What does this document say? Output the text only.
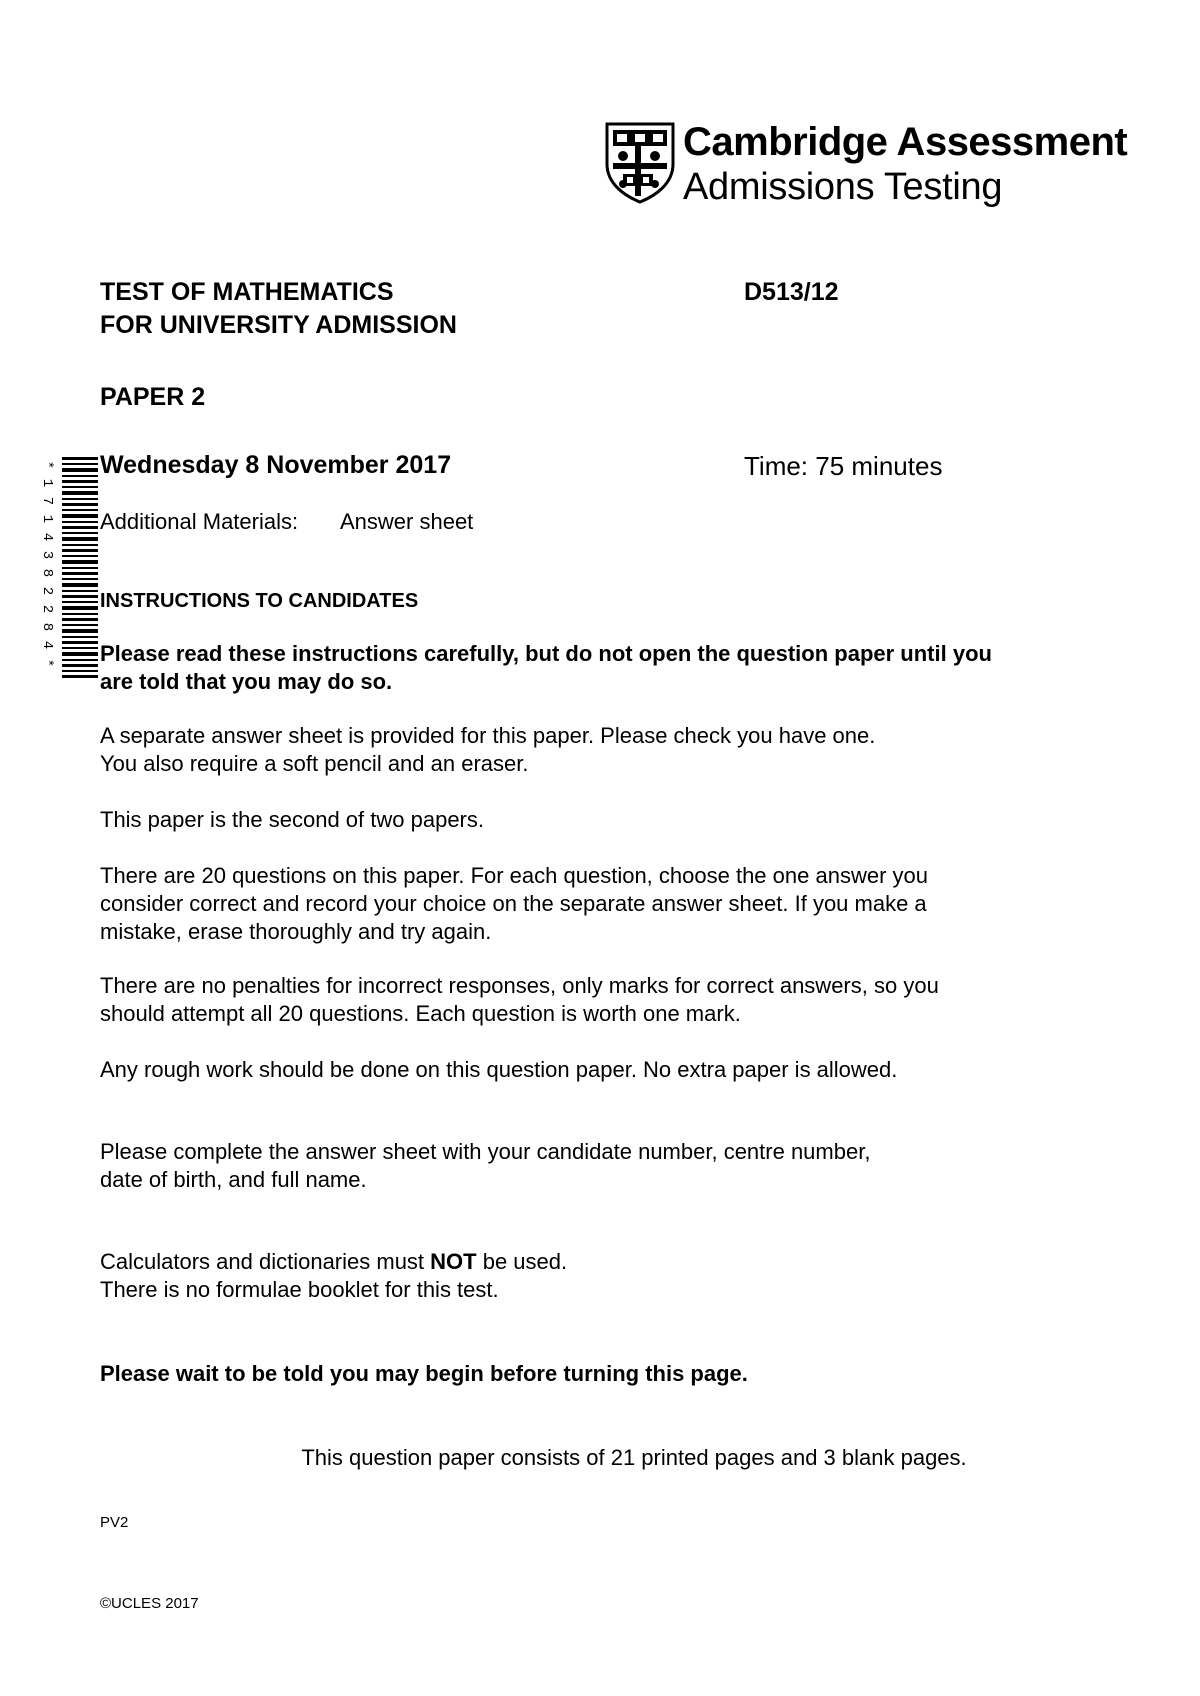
Cambridge Assessment
Admissions Testing
TEST OF MATHEMATICS
FOR UNIVERSITY ADMISSION
D513/12
PAPER 2
Wednesday 8 November 2017	Time: 75 minutes
Additional Materials: Answer sheet
*
1
7
1
4
3
8
2
2
8
4
*
INSTRUCTIONS TO CANDIDATES
Please read these instructions carefully, but do not open the question paper until you
are told that you may do so.
A separate answer sheet is provided for this paper. Please check you have one.
You also require a soft pencil and an eraser.
This paper is the second of two papers.
There are 20 questions on this paper. For each question, choose the one answer you
consider correct and record your choice on the separate answer sheet. If you make a
mistake, erase thoroughly and try again.
There are no penalties for incorrect responses, only marks for correct answers, so you
should attempt all 20 questions. Each question is worth one mark.
Any rough work should be done on this question paper. No extra paper is allowed.
Please complete the answer sheet with your candidate number, centre number,
date of birth, and full name.
Calculators and dictionaries must NOT be used.
There is no formulae booklet for this test.
Please wait to be told you may begin before turning this page.
This question paper consists of 21 printed pages and 3 blank pages.
PV2
©UCLES 2017
